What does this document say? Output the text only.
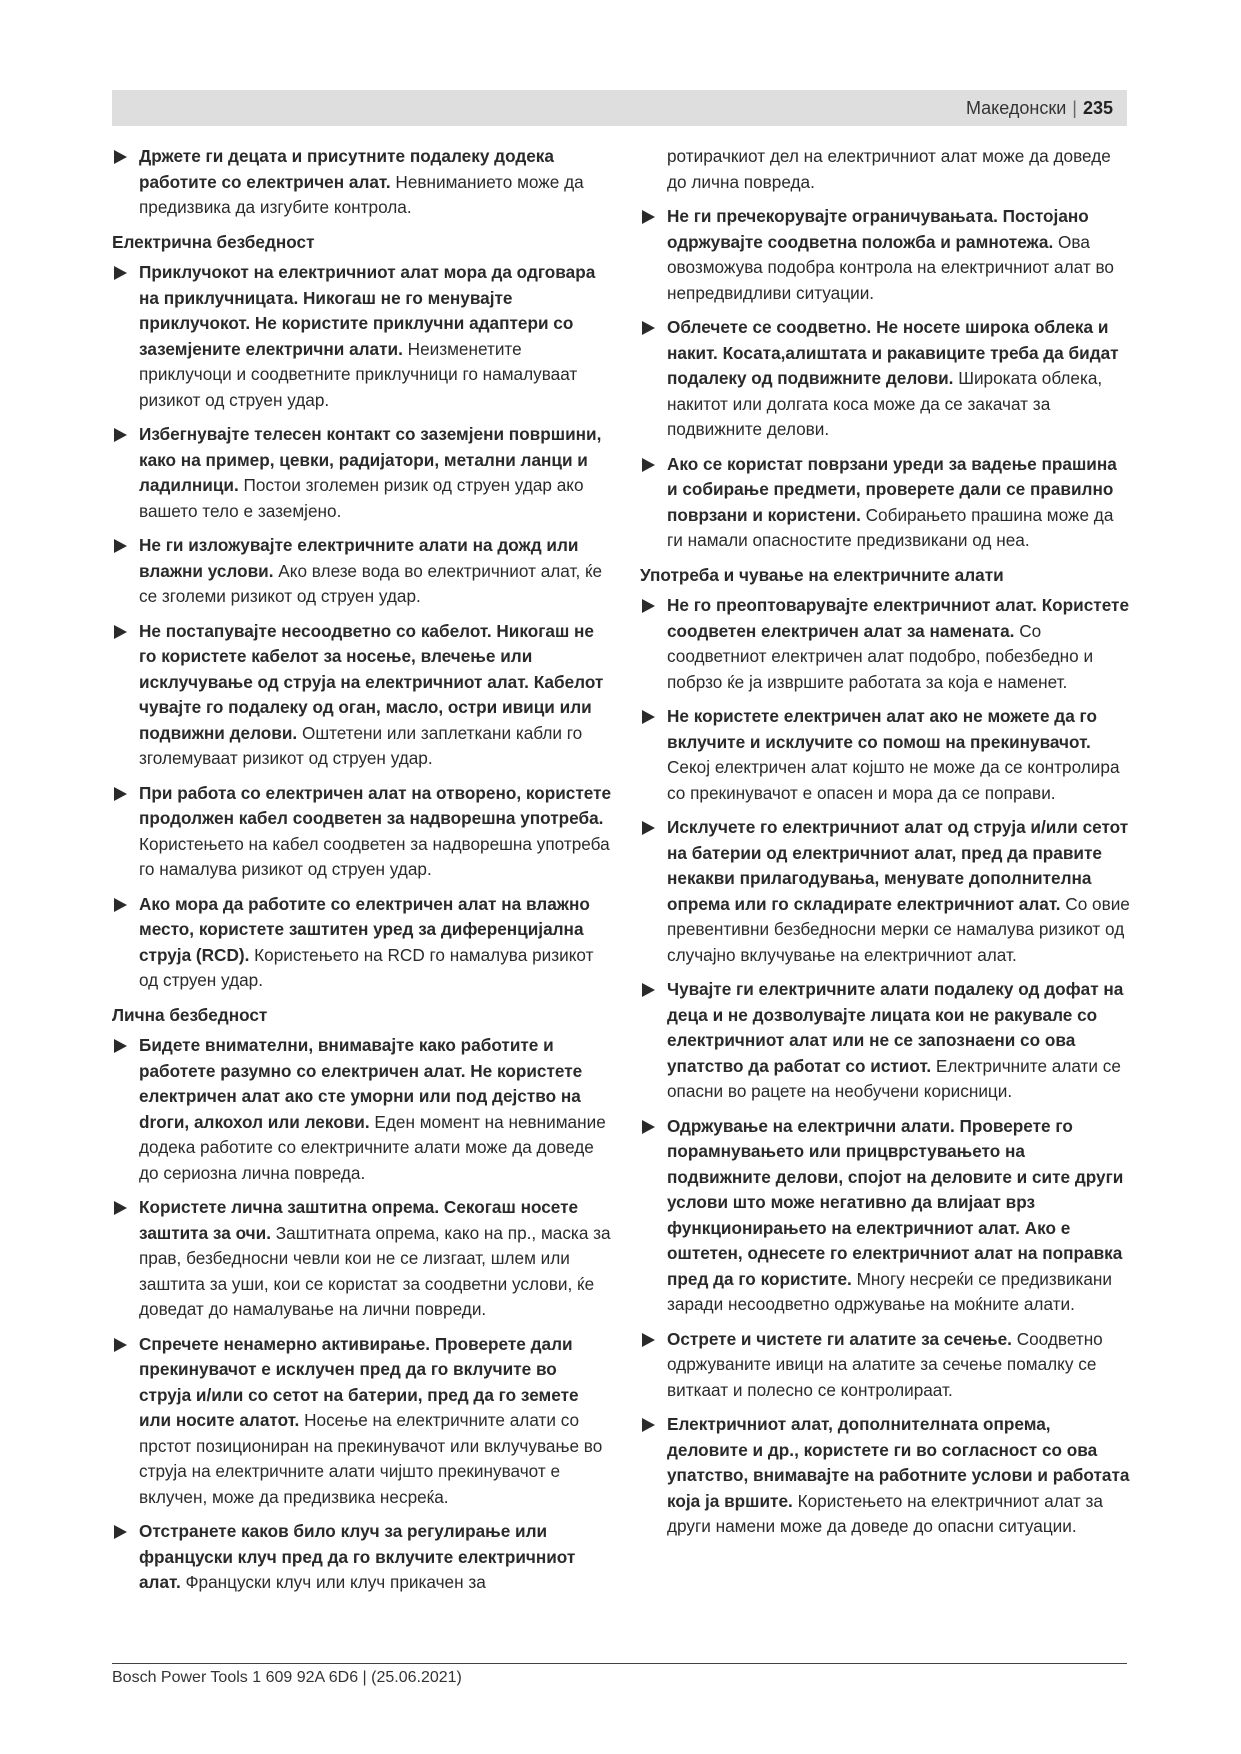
Македонски | 235
Држете ги децата и присутните подалеку додека работите со електричен алат. Невниманието може да предизвика да изгубите контрола.
Електрична безбедност
Приклучокот на електричниот алат мора да одговара на приклучницата. Никогаш не го менувајте приклучокот. Не користите приклучни адаптери со заземјените електрични алати. Неизменетите приклучоци и соодветните приклучници го намалуваат ризикот од струен удар.
Избегнувајте телесен контакт со заземјени површини, како на пример, цевки, радијатори, метални ланци и ладилници. Постои зголемен ризик од струен удар ако вашето тело е заземјено.
Не ги изложувајте електричните алати на дожд или влажни услови. Ако влезе вода во електричниот алат, ќе се зголеми ризикот од струен удар.
Не постапувајте несоодветно со кабелот. Никогаш не го користете кабелот за носење, влечење или исклучување од струја на електричниот алат. Кабелот чувајте го подалеку од оган, масло, остри ивици или подвижни делови. Оштетени или заплеткани кабли го зголемуваат ризикот од струен удар.
При работа со електричен алат на отворено, користете продолжен кабел соодветен за надворешна употреба. Користењето на кабел соодветен за надворешна употреба го намалува ризикот од струен удар.
Ако мора да работите со електричен алат на влажно место, користете заштитен уред за диференцијална струја (RCD). Користењето на RCD го намалува ризикот од струен удар.
Лична безбедност
Бидете внимателни, внимавајте како работите и работете разумно со електричен алат. Не користете електричен алат ако сте уморни или под дејство на droги, алкохол или лекови. Еден момент на невнимание додека работите со електричните алати може да доведе до сериозна лична повреда.
Користете лична заштитна опрема. Секогаш носете заштита за очи. Заштитната опрема, како на пр., маска за прав, безбедносни чевли кои не се лизгаат, шлем или заштита за уши, кои се користат за соодветни услови, ќе доведат до намалување на лични повреди.
Спречете ненамерно активирање. Проверете дали прекинувачот е исклучен пред да го вклучите во струја и/или со сетот на батерии, пред да го земете или носите алатот. Носење на електричните алати со прстот позициониран на прекинувачот или вклучување во струја на електричните алати чијшто прекинувачот е вклучен, може да предизвика несреќа.
Отстранете каков било клуч за регулирање или француски клуч пред да го вклучите електричниот алат. Француски клуч или клуч прикачен за
ротирачкиот дел на електричниот алат може да доведе до лична повреда.
Не ги пречекорувајте ограничувањата. Постојано одржувајте соодветна положба и рамнотежа. Ова овозможува подобра контрола на електричниот алат во непредвидливи ситуации.
Облечете се соодветно. Не носете широка облека и накит. Косата,алиштата и ракавиците треба да бидат подалеку од подвижните делови. Широката облека, накитот или долгата коса може да се закачат за подвижните делови.
Ако се користат поврзани уреди за вадење прашина и собирање предмети, проверете дали се правилно поврзани и користени. Собирањето прашина може да ги намали опасностите предизвикани од неа.
Употреба и чување на електричните алати
Не го преоптоварувајте електричниот алат. Користете соодветен електричен алат за намената. Со соодветниот електричен алат подобро, побезбедно и побрзо ќе ја извршите работата за која е наменет.
Не користете електричен алат ако не можете да го вклучите и исклучите со помош на прекинувачот. Секој електричен алат којшто не може да се контролира со прекинувачот е опасен и мора да се поправи.
Исклучете го електричниот алат од струја и/или сетот на батерии од електричниот алат, пред да правите некакви прилагодувања, менувате дополнителна опрема или го складирате електричниот алат. Со овие превентивни безбедносни мерки се намалува ризикот од случајно вклучување на електричниот алат.
Чувајте ги електричните алати подалеку од дофат на деца и не дозволувајте лицата кои не ракувале со електричниот алат или не се запознаени со ова упатство да работат со истиот. Електричните алати се опасни во рацете на необучени корисници.
Одржување на електрични алати. Проверете го порамнувањето или прицврстувањето на подвижните делови, спојот на деловите и сите други услови што може негативно да влијаат врз функционирањето на електричниот алат. Ако е оштетен, однесете го електричниот алат на поправка пред да го користите. Многу несреќи се предизвикани заради несоодветно одржување на моќните алати.
Острете и чистете ги алатите за сечење. Соодветно одржуваните ивици на алатите за сечење помалку се виткаат и полесно се контролираат.
Електричниот алат, дополнителната опрема, деловите и др., користете ги во согласност со ова упатство, внимавајте на работните услови и работата која ја вршите. Користењето на електричниот алат за други намени може да доведе до опасни ситуации.
Bosch Power Tools 1 609 92A 6D6 | (25.06.2021)
